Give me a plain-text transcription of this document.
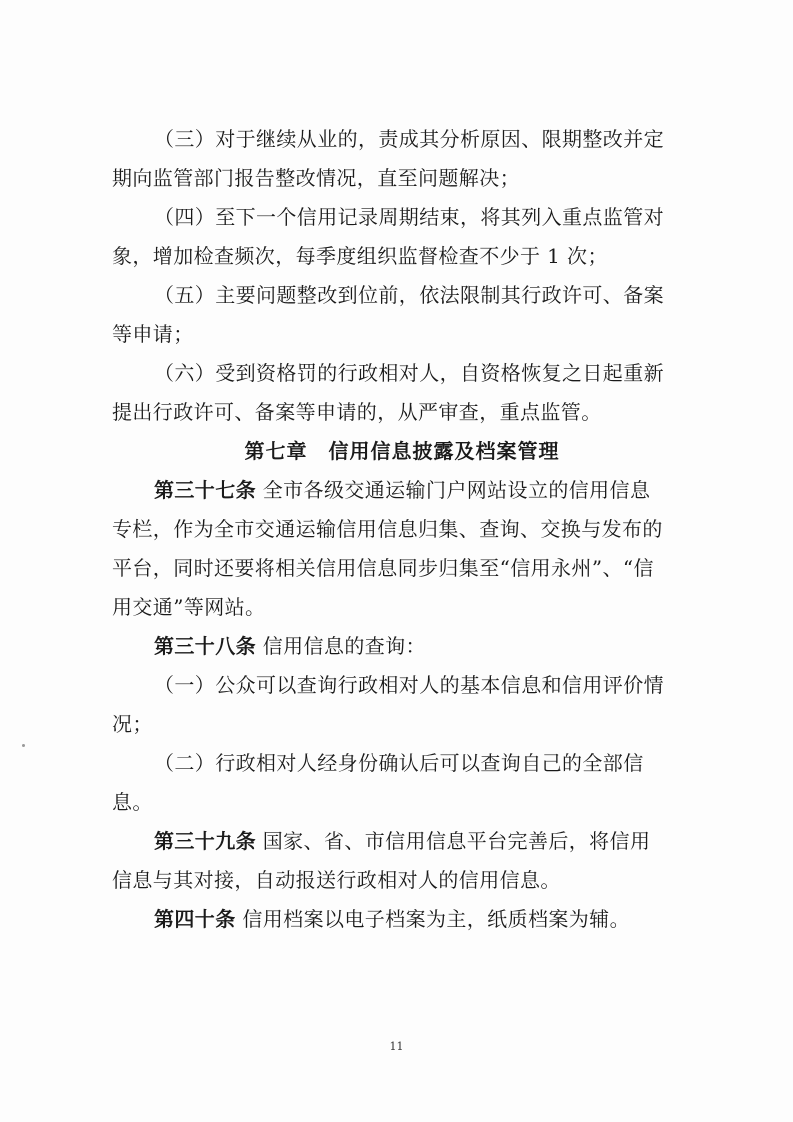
（三）对于继续从业的，责成其分析原因、限期整改并定
期向监管部门报告整改情况，直至问题解决；
（四）至下一个信用记录周期结束，将其列入重点监管对
象，增加检查频次，每季度组织监督检查不少于 1 次；
（五）主要问题整改到位前，依法限制其行政许可、备案
等申请；
（六）受到资格罚的行政相对人，自资格恢复之日起重新
提出行政许可、备案等申请的，从严审查，重点监管。
第七章　信用信息披露及档案管理
第三十七条 全市各级交通运输门户网站设立的信用信息
专栏，作为全市交通运输信用信息归集、查询、交换与发布的
平台，同时还要将相关信用信息同步归集至“信用永州”、“信
用交通”等网站。
第三十八条 信用信息的查询：
（一）公众可以查询行政相对人的基本信息和信用评价情
况；
（二）行政相对人经身份确认后可以查询自己的全部信
息。
第三十九条 国家、省、市信用信息平台完善后，将信用
信息与其对接，自动报送行政相对人的信用信息。
第四十条 信用档案以电子档案为主，纸质档案为辅。
11
